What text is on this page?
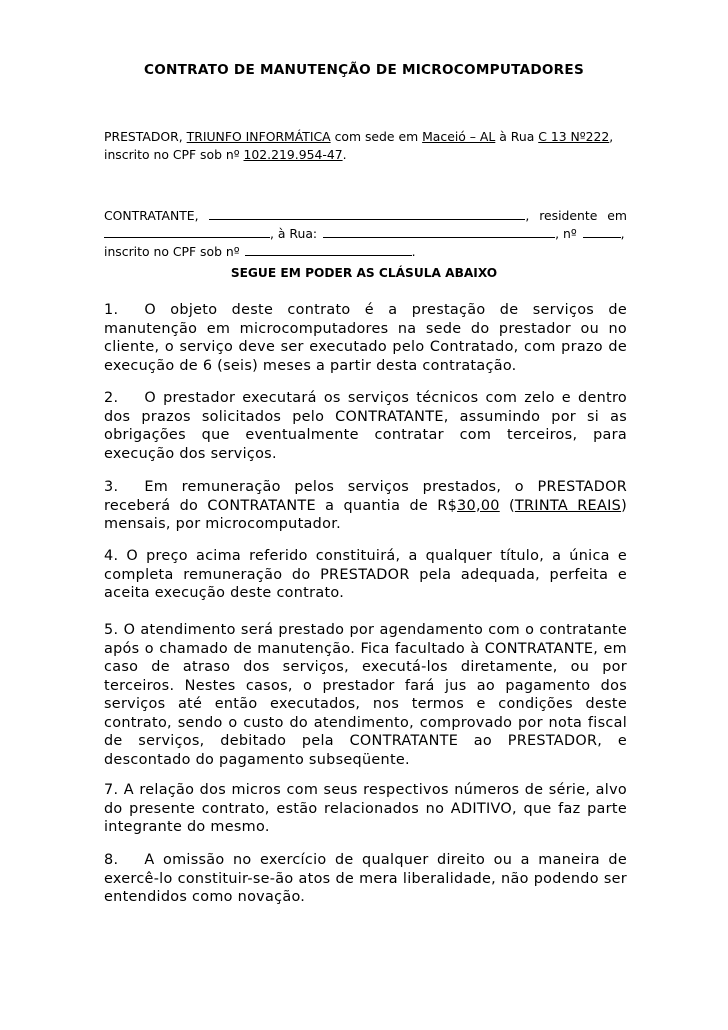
CONTRATO DE MANUTENÇÃO DE MICROCOMPUTADORES
PRESTADOR, TRIUNFO INFORMÁTICA com sede em Maceió – AL à Rua C 13 Nº222,
inscrito no CPF sob nº 102.219.954-47.
CONTRATANTE,	, residente em
, à Rua:	, nº	,
inscrito no CPF sob nº	.
SEGUE EM PODER AS CLÁSULA ABAIXO
1. O objeto deste contrato é a prestação de serviços de manutenção em microcomputadores na sede do prestador ou no cliente, o serviço deve ser executado pelo Contratado, com prazo de execução de 6 (seis) meses a partir desta contratação.
2. O prestador executará os serviços técnicos com zelo e dentro dos prazos solicitados pelo CONTRATANTE, assumindo por si as obrigações que eventualmente contratar com terceiros, para execução dos serviços.
3. Em remuneração pelos serviços prestados, o PRESTADOR receberá do CONTRATANTE a quantia de R$30,00 (TRINTA REAIS) mensais, por microcomputador.
4. O preço acima referido constituirá, a qualquer título, a única e completa remuneração do PRESTADOR pela adequada, perfeita e aceita execução deste contrato.
5. O atendimento será prestado por agendamento com o contratante após o chamado de manutenção. Fica facultado à CONTRATANTE, em caso de atraso dos serviços, executá-los diretamente, ou por terceiros. Nestes casos, o prestador fará jus ao pagamento dos serviços até então executados, nos termos e condições deste contrato, sendo o custo do atendimento, comprovado por nota fiscal de serviços, debitado pela CONTRATANTE ao PRESTADOR, e descontado do pagamento subseqüente.
7. A relação dos micros com seus respectivos números de série, alvo do presente contrato, estão relacionados no ADITIVO, que faz parte integrante do mesmo.
8. A omissão no exercício de qualquer direito ou a maneira de exercê-lo constituir-se-ão atos de mera liberalidade, não podendo ser entendidos como novação.
